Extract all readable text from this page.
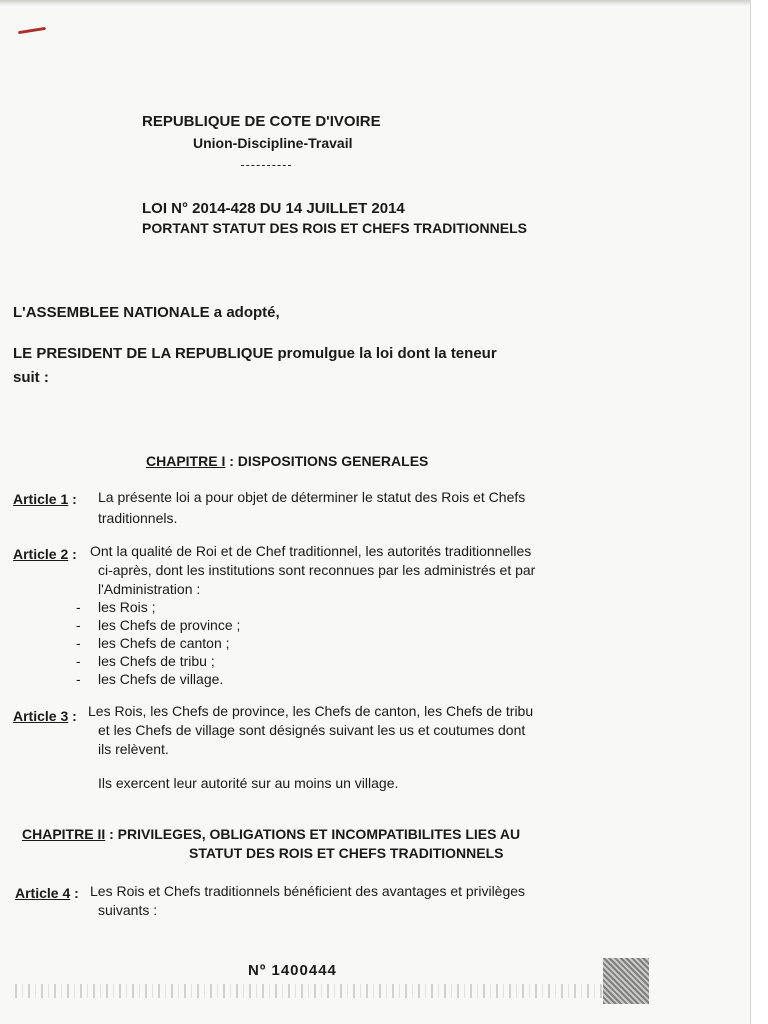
REPUBLIQUE DE COTE D'IVOIRE
Union-Discipline-Travail
LOI N° 2014-428 DU 14 JUILLET 2014
PORTANT STATUT DES ROIS ET CHEFS TRADITIONNELS
L'ASSEMBLEE NATIONALE a adopté,
LE PRESIDENT DE LA REPUBLIQUE promulgue la loi dont la teneur
suit :
CHAPITRE I : DISPOSITIONS GENERALES
Article 1 : La présente loi a pour objet de déterminer le statut des Rois et Chefs
traditionnels.
Article 2 : Ont la qualité de Roi et de Chef traditionnel, les autorités traditionnelles
ci-après, dont les institutions sont reconnues par les administrés et par
l'Administration :
- les Rois ;
- les Chefs de province ;
- les Chefs de canton ;
- les Chefs de tribu ;
- les Chefs de village.
Article 3 : Les Rois, les Chefs de province, les Chefs de canton, les Chefs de tribu
et les Chefs de village sont désignés suivant les us et coutumes dont
ils relèvent.
Ils exercent leur autorité sur au moins un village.
CHAPITRE II : PRIVILEGES, OBLIGATIONS ET INCOMPATIBILITES LIES AU
STATUT DES ROIS ET CHEFS TRADITIONNELS
Article 4 : Les Rois et Chefs traditionnels bénéficient des avantages et privilèges
suivants :
Nº 1400444
